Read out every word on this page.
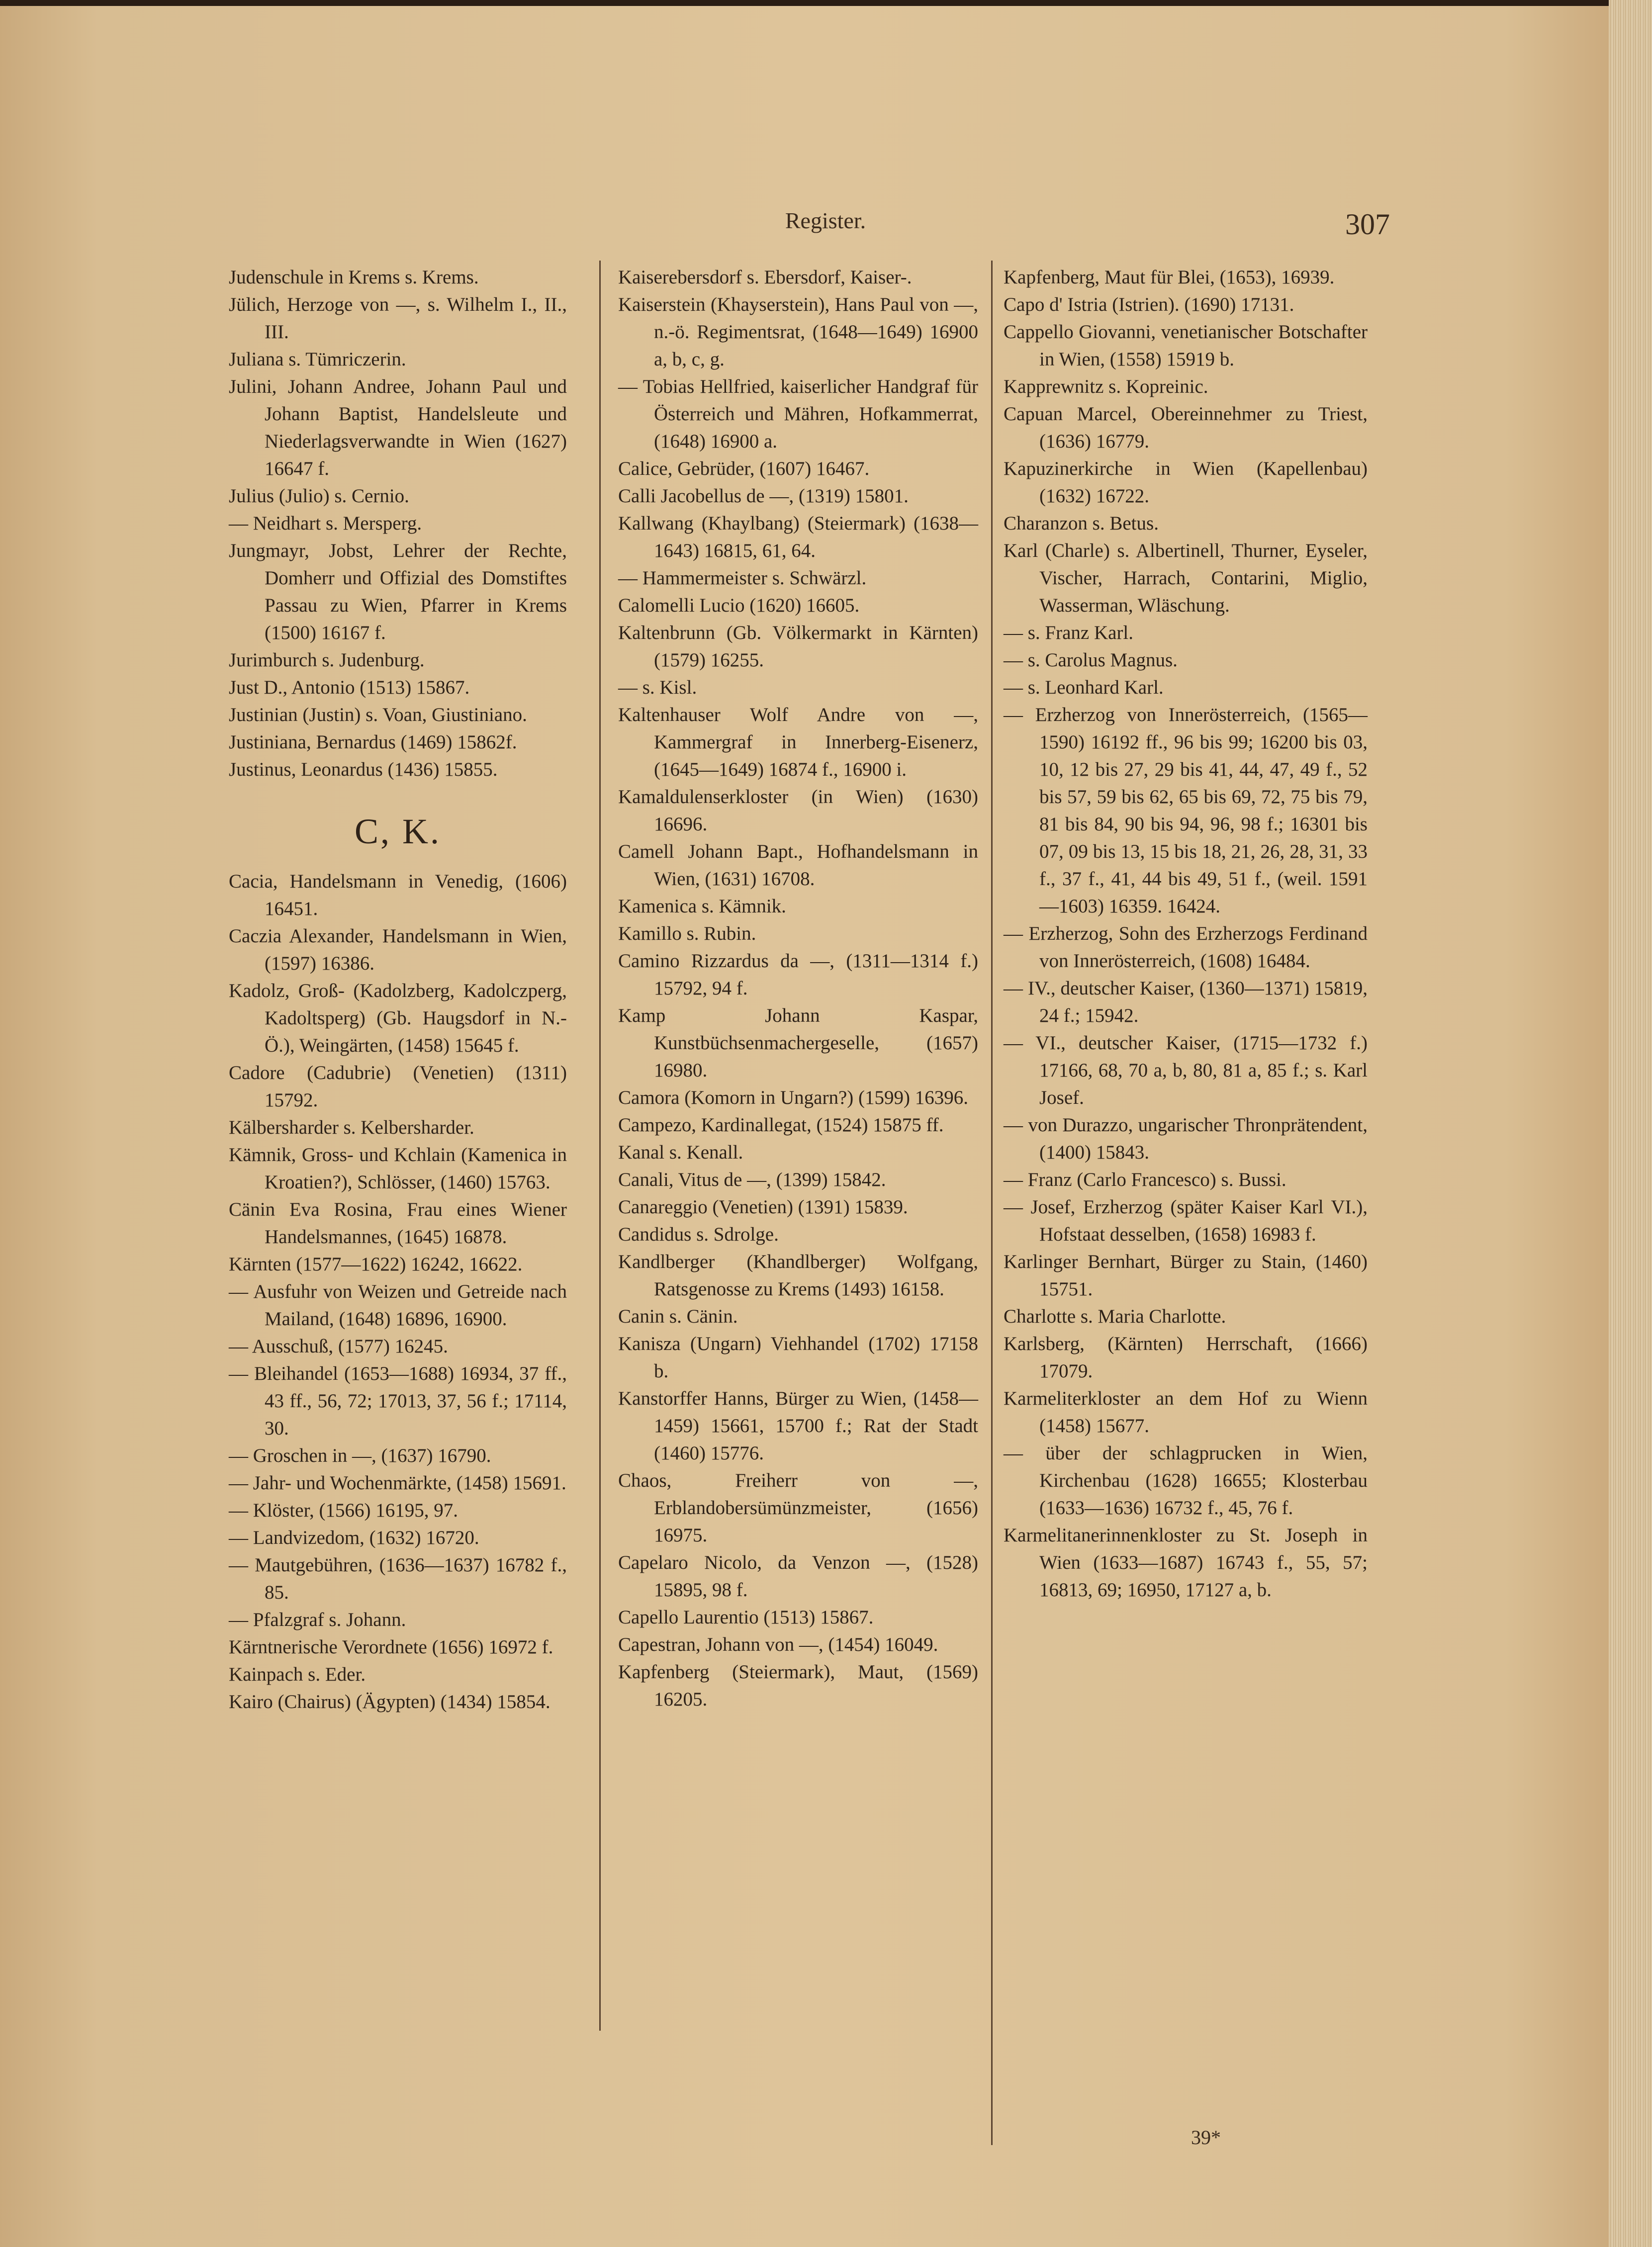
Register.	307

Judenschule in Krems s. Krems.

Jülich, Herzoge von —, s. Wilhelm I., II., III.

Juliana s. Tümriczerin.

Julini, Johann Andree, Johann Paul und Johann Baptist, Handelsleute und Niederlagsverwandte in Wien (1627) 16647 f.

Julius (Julio) s. Cernio.

— Neidhart s. Mersperg.

Jungmayr, Jobst, Lehrer der Rechte, Domherr und Offizial des Domstiftes Passau zu Wien, Pfarrer in Krems (1500) 16167 f.

Jurimburch s. Judenburg.

Just D., Antonio (1513) 15867.

Justinian (Justin) s. Voan, Giustiniano.

Justiniana, Bernardus (1469) 15862f.

Justinus, Leonardus (1436) 15855.

C, K.

Cacia, Handelsmann in Venedig, (1606) 16451.

Caczia Alexander, Handelsmann in Wien, (1597) 16386.

Kadolz, Groß- (Kadolzberg, Kadolczperg, Kadoltsperg) (Gb. Haugsdorf in N.-Ö.), Weingärten, (1458) 15645 f.

Cadore (Cadubrie) (Venetien) (1311) 15792.

Kälbersharder s. Kelbersharder.

Kämnik, Gross- und Kchlain (Kamenica in Kroatien?), Schlösser, (1460) 15763.

Cänin Eva Rosina, Frau eines Wiener Handelsmannes, (1645) 16878.

Kärnten (1577—1622) 16242, 16622.

— Ausfuhr von Weizen und Getreide nach Mailand, (1648) 16896, 16900.

— Ausschuß, (1577) 16245.

— Bleihandel (1653—1688) 16934, 37 ff., 43 ff., 56, 72; 17013, 37, 56 f.; 17114, 30.

— Groschen in —, (1637) 16790.

— Jahr- und Wochenmärkte, (1458) 15691.

— Klöster, (1566) 16195, 97.

— Landvizedom, (1632) 16720.

— Mautgebühren, (1636—1637) 16782 f., 85.

— Pfalzgraf s. Johann.

Kärntnerische Verordnete (1656) 16972 f.

Kainpach s. Eder.

Kairo (Chairus) (Ägypten) (1434) 15854.

Kaiserebersdorf s. Ebersdorf, Kaiser-.

Kaiserstein (Khayserstein), Hans Paul von —, n.-ö. Regimentsrat, (1648—1649) 16900 a, b, c, g.

— Tobias Hellfried, kaiserlicher Handgraf für Österreich und Mähren, Hofkammerrat, (1648) 16900 a.

Calice, Gebrüder, (1607) 16467.

Calli Jacobellus de —, (1319) 15801.

Kallwang (Khaylbang) (Steiermark) (1638—1643) 16815, 61, 64.

— Hammermeister s. Schwärzl.

Calomelli Lucio (1620) 16605.

Kaltenbrunn (Gb. Völkermarkt in Kärnten) (1579) 16255.

— s. Kisl.

Kaltenhauser Wolf Andre von —, Kammergraf in Innerberg-Eisenerz, (1645—1649) 16874 f., 16900 i.

Kamaldulenserkloster (in Wien) (1630) 16696.

Camell Johann Bapt., Hofhandelsmann in Wien, (1631) 16708.

Kamenica s. Kämnik.

Kamillo s. Rubin.

Camino Rizzardus da —, (1311—1314 f.) 15792, 94 f.

Kamp Johann Kaspar, Kunstbüchsenmachergeselle, (1657) 16980.

Camora (Komorn in Ungarn?) (1599) 16396.

Campezo, Kardinallegat, (1524) 15875 ff.

Kanal s. Kenall.

Canali, Vitus de —, (1399) 15842.

Canareggio (Venetien) (1391) 15839.

Candidus s. Sdrolge.

Kandlberger (Khandlberger) Wolfgang, Ratsgenosse zu Krems (1493) 16158.

Canin s. Cänin.

Kanisza (Ungarn) Viehhandel (1702) 17158 b.

Kanstorffer Hanns, Bürger zu Wien, (1458—1459) 15661, 15700 f.; Rat der Stadt (1460) 15776.

Chaos, Freiherr von —, Erblandobersümünzmeister, (1656) 16975.

Capelaro Nicolo, da Venzon —, (1528) 15895, 98 f.

Capello Laurentio (1513) 15867.

Capestran, Johann von —, (1454) 16049.

Kapfenberg (Steiermark), Maut, (1569) 16205.

Kapfenberg, Maut für Blei, (1653), 16939.

Capo d' Istria (Istrien). (1690) 17131.

Cappello Giovanni, venetianischer Botschafter in Wien, (1558) 15919 b.

Kapprewnitz s. Kopreinic.

Capuan Marcel, Obereinnehmer zu Triest, (1636) 16779.

Kapuzinerkirche in Wien (Kapellenbau) (1632) 16722.

Charanzon s. Betus.

Karl (Charle) s. Albertinell, Thurner, Eyseler, Vischer, Harrach, Contarini, Miglio, Wasserman, Wläschung.

— s. Franz Karl.

— s. Carolus Magnus.

— s. Leonhard Karl.

— Erzherzog von Innerösterreich, (1565—1590) 16192 ff., 96 bis 99; 16200 bis 03, 10, 12 bis 27, 29 bis 41, 44, 47, 49 f., 52 bis 57, 59 bis 62, 65 bis 69, 72, 75 bis 79, 81 bis 84, 90 bis 94, 96, 98 f.; 16301 bis 07, 09 bis 13, 15 bis 18, 21, 26, 28, 31, 33 f., 37 f., 41, 44 bis 49, 51 f., (weil. 1591—1603) 16359. 16424.

— Erzherzog, Sohn des Erzherzogs Ferdinand von Innerösterreich, (1608) 16484.

— IV., deutscher Kaiser, (1360—1371) 15819, 24 f.; 15942.

— VI., deutscher Kaiser, (1715—1732 f.) 17166, 68, 70 a, b, 80, 81 a, 85 f.; s. Karl Josef.

— von Durazzo, ungarischer Thronprätendent, (1400) 15843.

— Franz (Carlo Francesco) s. Bussi.

— Josef, Erzherzog (später Kaiser Karl VI.), Hofstaat desselben, (1658) 16983 f.

Karlinger Bernhart, Bürger zu Stain, (1460) 15751.

Charlotte s. Maria Charlotte.

Karlsberg, (Kärnten) Herrschaft, (1666) 17079.

Karmeliterkloster an dem Hof zu Wienn (1458) 15677.

— über der schlagprucken in Wien, Kirchenbau (1628) 16655; Klosterbau (1633—1636) 16732 f., 45, 76 f.

Karmelitanerinnenkloster zu St. Joseph in Wien (1633—1687) 16743 f., 55, 57; 16813, 69; 16950, 17127 a, b.

39*
